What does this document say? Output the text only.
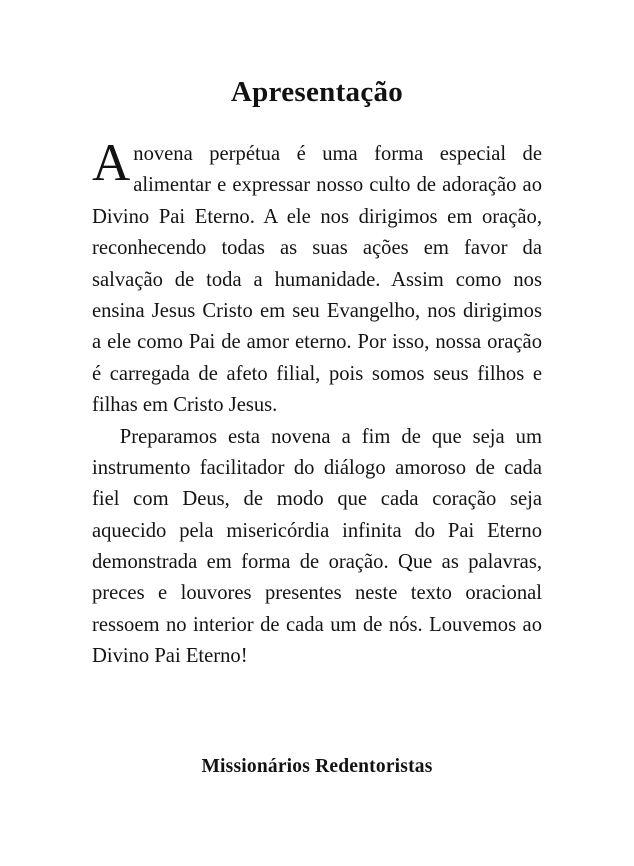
Apresentação

Anovena perpétua é uma forma especial de alimentar e expressar nosso culto de adoração ao Divino Pai Eterno. A ele nos dirigimos em oração, reconhecendo todas as suas ações em favor da salvação de toda a humanidade. Assim como nos ensina Jesus Cristo em seu Evangelho, nos dirigimos a ele como Pai de amor eterno. Por isso, nossa oração é carregada de afeto filial, pois somos seus filhos e filhas em Cristo Jesus.

Preparamos esta novena a fim de que seja um instrumento facilitador do diálogo amoroso de cada fiel com Deus, de modo que cada coração seja aquecido pela misericórdia infinita do Pai Eterno demonstrada em forma de oração. Que as palavras, preces e louvores presentes neste texto oracional ressoem no interior de cada um de nós. Louvemos ao Divino Pai Eterno!

Missionários Redentoristas
